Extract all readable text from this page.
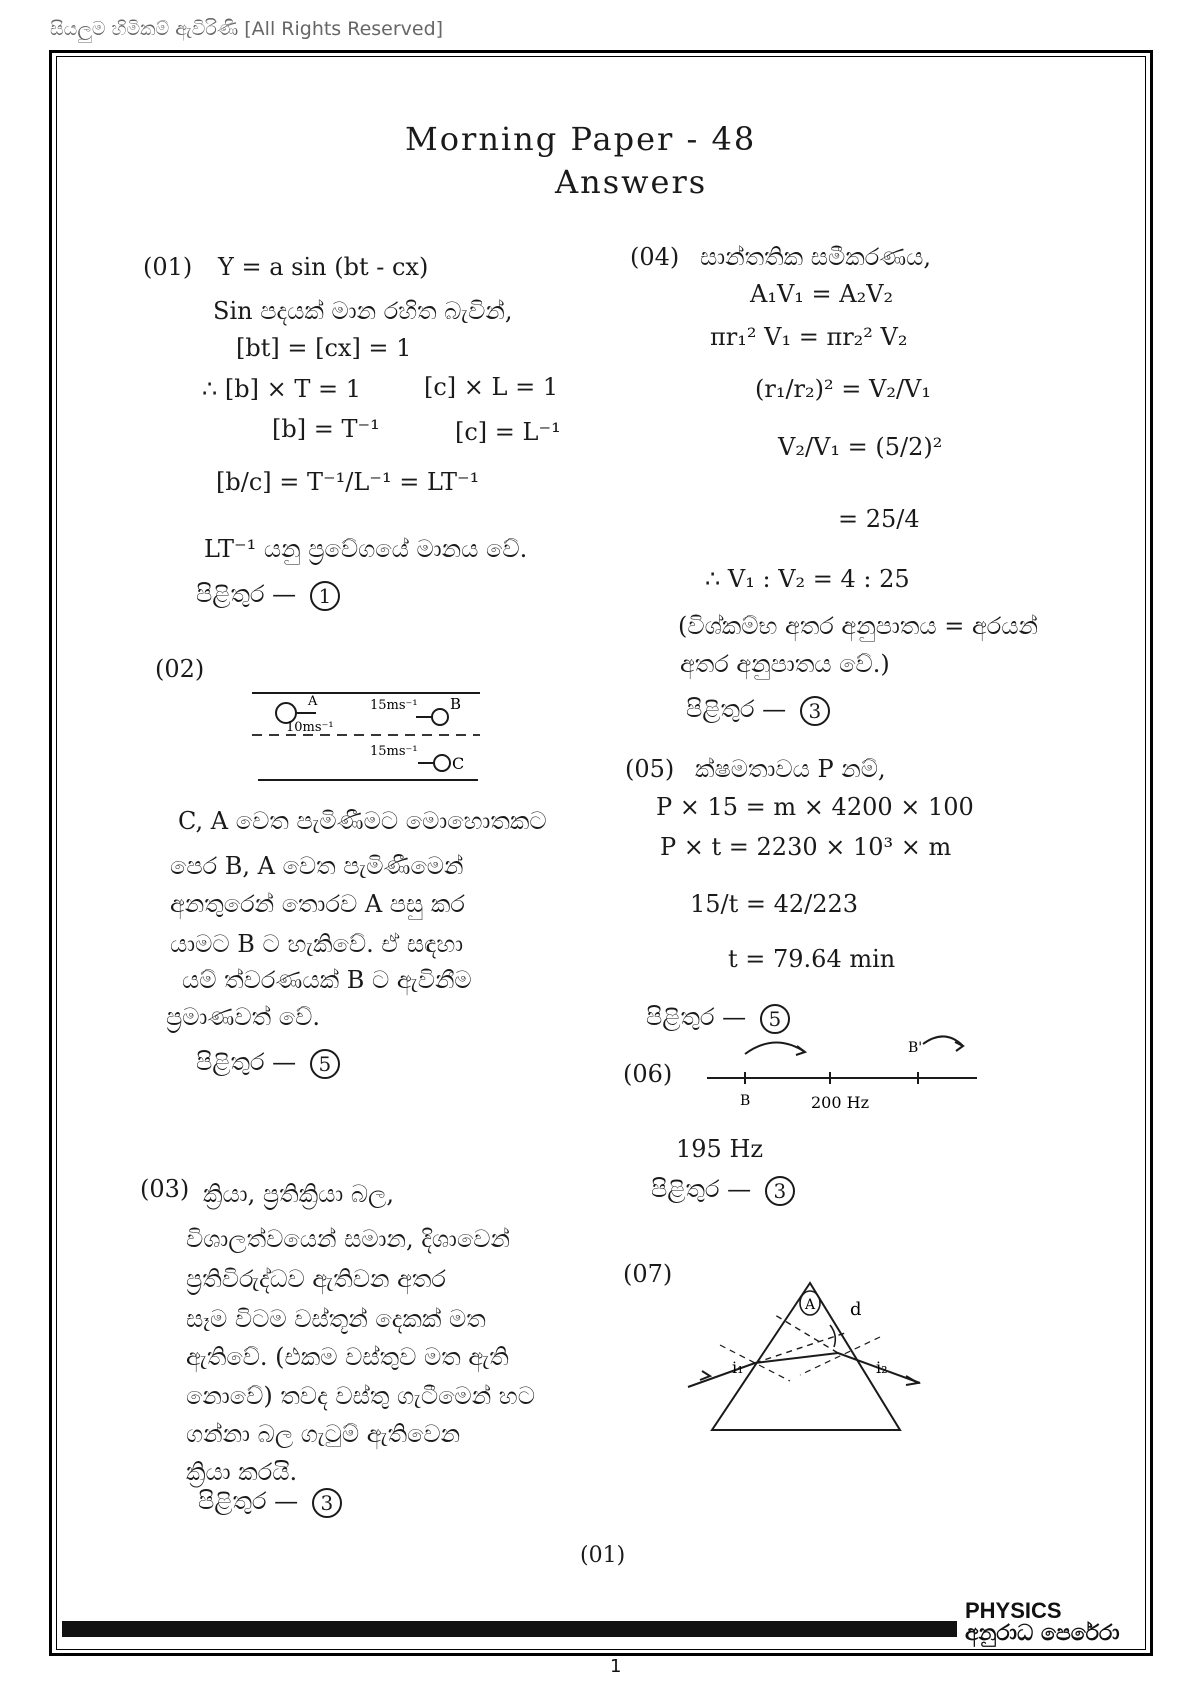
සියලුම හිමිකම් ඇවිරිණි [All Rights Reserved]
Morning Paper - 48
Answers
(01) Y = a sin (bt - cx)
Sin පදයක් මාන රහිත බැවින්,
[bt] = [cx] = 1
∴ [b] × T = 1	[c] × L = 1
[b] = T⁻¹	[c] = L⁻¹
[b/c] = T⁻¹/L⁻¹ = LT⁻¹
LT⁻¹ යනු ප්‍රවේගයේ මානය වේ.
පිළිතුර — 1
(02)
A
10ms⁻¹
15ms⁻¹ B
15ms⁻¹
C
C, A වෙත පැමිණීමට මොහොතකට
පෙර B, A වෙත පැමිණීමෙන්
අනතුරෙන් තොරව A පසු කර
යාමට B ට හැකිවේ. ඒ සඳහා
යම් ත්වරණයක් B ට ඇවිනීම
ප්‍රමාණවත් වේ.
පිළිතුර — 5
(03) ක්‍රියා, ප්‍රතික්‍රියා බල,
විශාලත්වයෙන් සමාන, දිශාවෙන්
ප්‍රතිවිරුද්ධව ඇතිවන අතර
සෑම විටම වස්තූන් දෙකක් මත
ඇතිවේ. (එකම වස්තුව මත ඇති
නොවේ) තවද වස්තු ගැටීමෙන් හට
ගන්නා බල ගැටුම් ඇතිවෙන
ක්‍රියා කරයි.
පිළිතුර — 3
(04) සාන්තතික සමීකරණය,
A₁V₁ = A₂V₂
πr₁² V₁ = πr₂² V₂
(r₁/r₂)² = V₂/V₁
V₂/V₁ = (5/2)²
= 25/4
∴ V₁ : V₂ = 4 : 25
(විශ්කම්භ අතර අනුපාතය = අරයන්
අතර අනුපාතය වේ.)
පිළිතුර — 3
(05) ක්ෂමතාවය P නම්,
P × 15 = m × 4200 × 100
P × t = 2230 × 10³ × m
15/t = 42/223
t = 79.64 min
පිළිතුර — 5
(06)
B
B'
200 Hz
195 Hz
පිළිතුර — 3
(07)
A d
i₁	i₂
(01)
PHYSICS
අනුරාධ පෙරේරා
1
